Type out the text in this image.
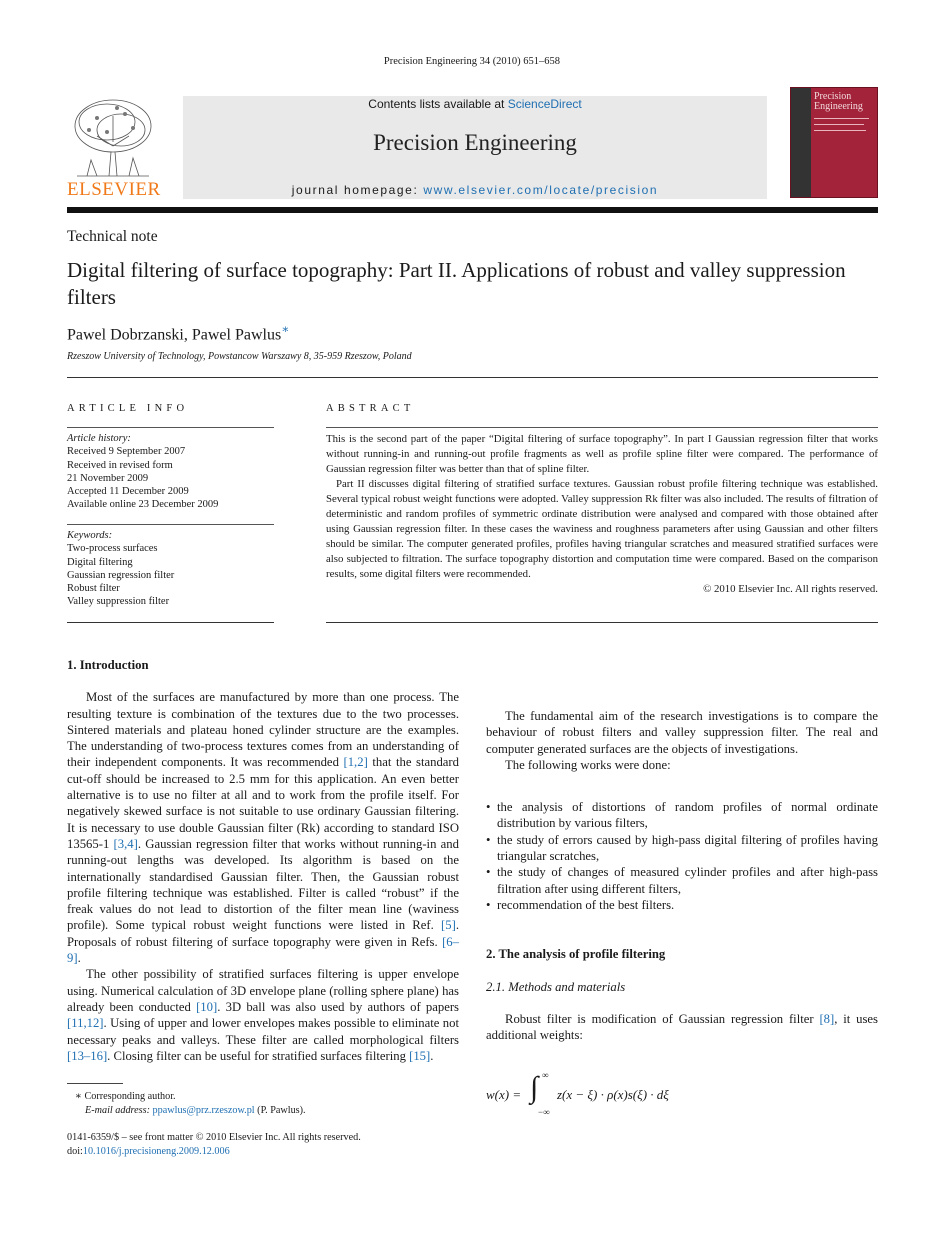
Precision Engineering 34 (2010) 651–658
ELSEVIER
Contents lists available at ScienceDirect
Precision Engineering
journal homepage: www.elsevier.com/locate/precision
Precision
Engineering
Technical note
Digital filtering of surface topography: Part II. Applications of robust and valley suppression filters
Pawel Dobrzanski, Pawel Pawlus∗
Rzeszow University of Technology, Powstancow Warszawy 8, 35-959 Rzeszow, Poland
ARTICLE INFO
Article history:
Received 9 September 2007
Received in revised form
21 November 2009
Accepted 11 December 2009
Available online 23 December 2009
Keywords:
Two-process surfaces
Digital filtering
Gaussian regression filter
Robust filter
Valley suppression filter
ABSTRACT

This is the second part of the paper “Digital filtering of surface topography”. In part I Gaussian regression filter that works without running-in and running-out profile fragments as well as profile spline filter were compared. The performance of Gaussian regression filter was better than that of spline filter.

Part II discusses digital filtering of stratified surface textures. Gaussian robust profile filtering technique was established. Several typical robust weight functions were adopted. Valley suppression Rk filter was also included. The results of filtration of deterministic and random profiles of symmetric ordinate distribution were analysed and compared with those obtained after using Gaussian regression filter. In these cases the waviness and roughness parameters after using Gaussian and other filters should be similar. The computer generated profiles, profiles having triangular scratches and measured stratified surfaces were also subjected to filtration. The surface topography distortion and computation time were compared. Based on the comparison results, some digital filters were recommended.

© 2010 Elsevier Inc. All rights reserved.
1. Introduction

Most of the surfaces are manufactured by more than one process. The resulting texture is combination of the textures due to the two processes. Sintered materials and plateau honed cylinder structure are the examples. The understanding of two-process textures comes from an understanding of their independent components. It was recommended [1,2] that the standard cut-off should be increased to 2.5 mm for this application. An even better alternative is to use no filter at all and to work from the profile itself. For negatively skewed surface is not suitable to use ordinary Gaussian filtering. It is necessary to use double Gaussian filter (Rk) according to standard ISO 13565-1 [3,4]. Gaussian regression filter that works without running-in and running-out lengths was developed. Its algorithm is based on the internationally standardised Gaussian filter. Then, the Gaussian robust profile filtering technique was established. Filter is called “robust” if the freak values do not lead to distortion of the filter mean line (waviness profile). Some typical robust weight functions were listed in Ref. [5]. Proposals of robust filtering of surface topography were given in Refs. [6–9].

The other possibility of stratified surfaces filtering is upper envelope using. Numerical calculation of 3D envelope plane (rolling sphere plane) has already been conducted [10]. 3D ball was also used by authors of papers [11,12]. Using of upper and lower envelopes makes possible to eliminate not necessary peaks and valleys. These filter are called morphological filters [13–16]. Closing filter can be useful for stratified surfaces filtering [15].

The fundamental aim of the research investigations is to compare the behaviour of robust filters and valley suppression filter. The real and computer generated surfaces are the objects of investigations.

The following works were done:

• the analysis of distortions of random profiles of normal ordinate distribution by various filters,
• the study of errors caused by high-pass digital filtering of profiles having triangular scratches,
• the study of changes of measured cylinder profiles and after high-pass filtration after using different filters,
• recommendation of the best filters.
2. The analysis of profile filtering
2.1. Methods and materials

Robust filter is modification of Gaussian regression filter [8], it uses additional weights:

w(x) = ∫ ∞
−∞
z(x − ξ) · ρ(x)s(ξ) · dξ
∗ Corresponding author.
E-mail address: ppawlus@prz.rzeszow.pl (P. Pawlus).
0141-6359/$ – see front matter © 2010 Elsevier Inc. All rights reserved.
doi:10.1016/j.precisioneng.2009.12.006
